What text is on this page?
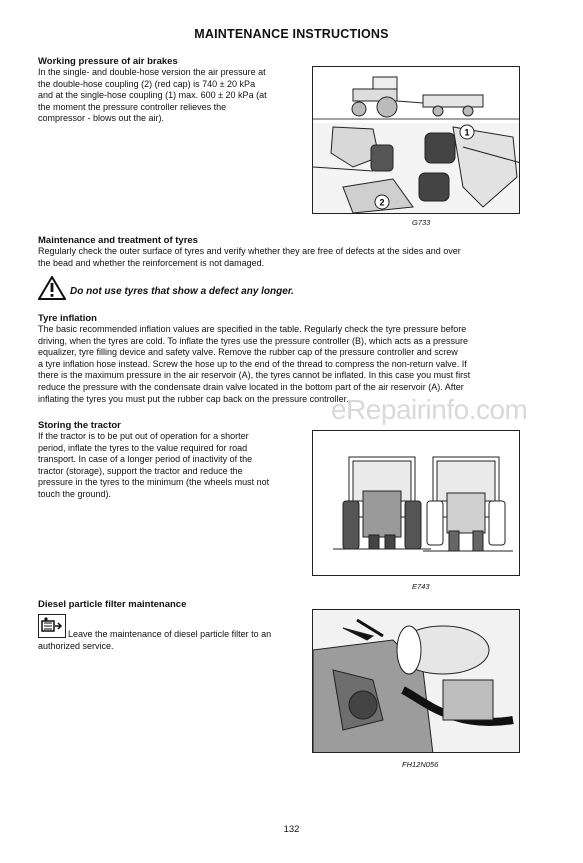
MAINTENANCE INSTRUCTIONS
Working pressure of air brakes
In the single- and double-hose version the air pressure at
the double-hose coupling (2) (red cap) is 740 ± 20 kPa
and at the single-hose coupling (1) max. 600 ± 20 kPa (at
the moment the pressure controller relieves the
compressor - blows out the air).
1
2
G733
Maintenance and treatment of tyres
Regularly check the outer surface of tyres and verify whether they are free of defects at the sides and over
the bead and whether the reinforcement is not damaged.
Do not use tyres that show a defect any longer.
Tyre inflation
The basic recommended inflation values are specified in the table. Regularly check the tyre pressure before
driving, when the tyres are cold. To inflate the tyres use the pressure controller (B), which acts as a pressure
equalizer, tyre filling device and safety valve. Remove the rubber cap of the pressure controller and screw
a tyre inflation hose instead. Screw the hose up to the end of the thread to compress the non-return valve. If
there is the maximum pressure in the air reservoir (A), the tyres cannot be inflated. In this case you must first
reduce the pressure with the condensate drain valve located in the bottom part of the air reservoir (A). After
inflating the tyres you must put the rubber cap back on the pressure controller.
eRepairinfo.com
Storing the tractor
If the tractor is to be put out of operation for a shorter
period, inflate the tyres to the value required for road
transport. In case of a longer period of inactivity of the
tractor (storage), support the tractor and reduce the
pressure in the tyres to the minimum (the wheels must not
touch the ground).
E743
Diesel particle filter maintenance
Leave the maintenance of diesel particle filter to an
authorized service.
FH12N056
132
